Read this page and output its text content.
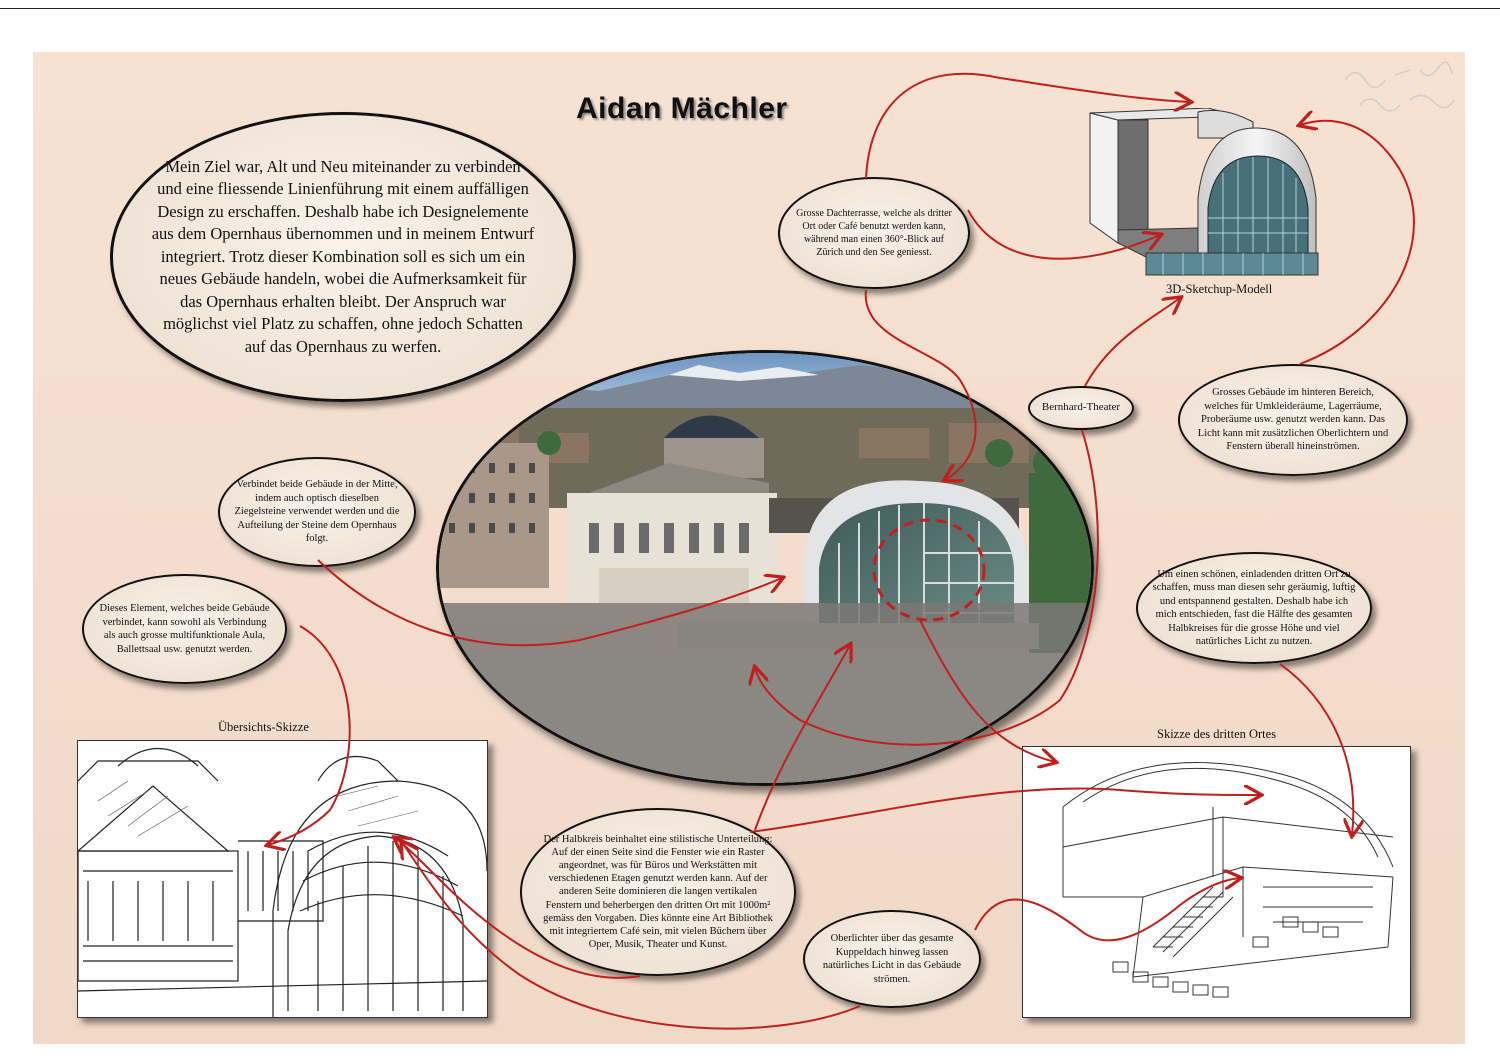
Aidan Mächler
Mein Ziel war, Alt und Neu miteinander zu verbinden und eine fliessende Linienführung mit einem auffälligen Design zu erschaffen. Deshalb habe ich Designelemente aus dem Opernhaus übernommen und in meinem Entwurf integriert. Trotz dieser Kombination soll es sich um ein neues Gebäude handeln, wobei die Aufmerksamkeit für das Opernhaus erhalten bleibt. Der Anspruch war möglichst viel Platz zu schaffen, ohne jedoch Schatten auf das Opernhaus zu werfen.
3D-Sketchup-Modell
Übersichts-Skizze	Skizze des dritten Ortes
Grosse Dachterrasse, welche als dritter Ort oder Café benutzt werden kann, während man einen 360°-Blick auf Zürich und den See geniesst.
Verbindet beide Gebäude in der Mitte, indem auch optisch dieselben Ziegelsteine verwendet werden und die Aufteilung der Steine dem Opernhaus folgt.
Dieses Element, welches beide Gebäude verbindet, kann sowohl als Verbindung als auch grosse multifunktionale Aula, Ballettsaal usw. genutzt werden.
Bernhard-Theater
Grosses Gebäude im hinteren Bereich, welches für Umkleideräume, Lagerräume, Proberäume usw. genutzt werden kann. Das Licht kann mit zusätzlichen Oberlichtern und Fenstern überall hineinströmen.
Um einen schönen, einladenden dritten Ort zu schaffen, muss man diesen sehr geräumig, luftig und entspannend gestalten. Deshalb habe ich mich entschieden, fast die Hälfte des gesamten Halbkreises für die grosse Höhe und viel natürliches Licht zu nutzen.
Der Halbkreis beinhaltet eine stilistische Unterteilung: Auf der einen Seite sind die Fenster wie ein Raster angeordnet, was für Büros und Werkstätten mit verschiedenen Etagen genutzt werden kann. Auf der anderen Seite dominieren die langen vertikalen Fenstern und beherbergen den dritten Ort mit 1000m² gemäss den Vorgaben. Dies könnte eine Art Bibliothek mit integriertem Café sein, mit vielen Büchern über Oper, Musik, Theater und Kunst.
Oberlichter über das gesamte Kuppeldach hinweg lassen natürliches Licht in das Gebäude strömen.
